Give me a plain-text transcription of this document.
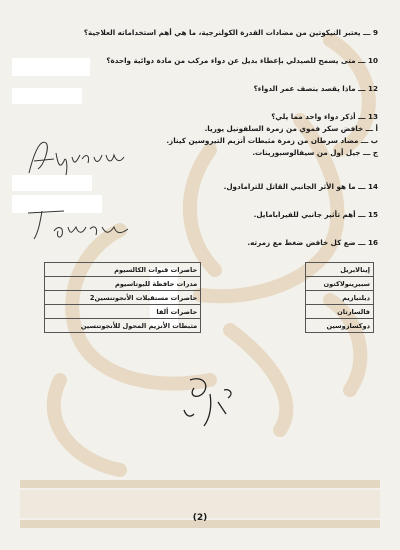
9 ـــ يعتبر النيكوتين من مضادات القدرة الكولنرجية، ما هي أهم استخداماته العلاجية؟
10 ـــ متى يسمح للصيدلي بإعطاء بديل عن دواء مركب من مادة دوائية واحدة؟
12 ـــ ماذا يقصد بنصف عمر الدواء؟
13 ـــ أذكر دواء واحد مما يلي؟
أ ـــ خافض سكر فموي من زمرة السلفونيل يوريا.
ب ـــ مضاد سرطان من زمرة مثبطات أنزيم التيروسين كيناز.
ج ـــ جيل أول من سيفالوسبورينات.
14 ـــ ما هو الأثر الجانبي القاتل للترامادول.
15 ـــ أهم تأثير جانبي للفيرابامايل.
16 ـــ ضع كل خافض ضغط مع زمرته.
حاصرات قنوات الكالسيوم		إينالابريل
مدرات حافظة للبوتاسيوم		سبيرينولاكتون
حاصرات مستقبلات الأنجوتنسين2		ديلتيازيم
حاصرات ألفا		فالسارتان
مثبطات الأنزيم المحول للأنجوتنسين		دوكسازوسين
(2)
